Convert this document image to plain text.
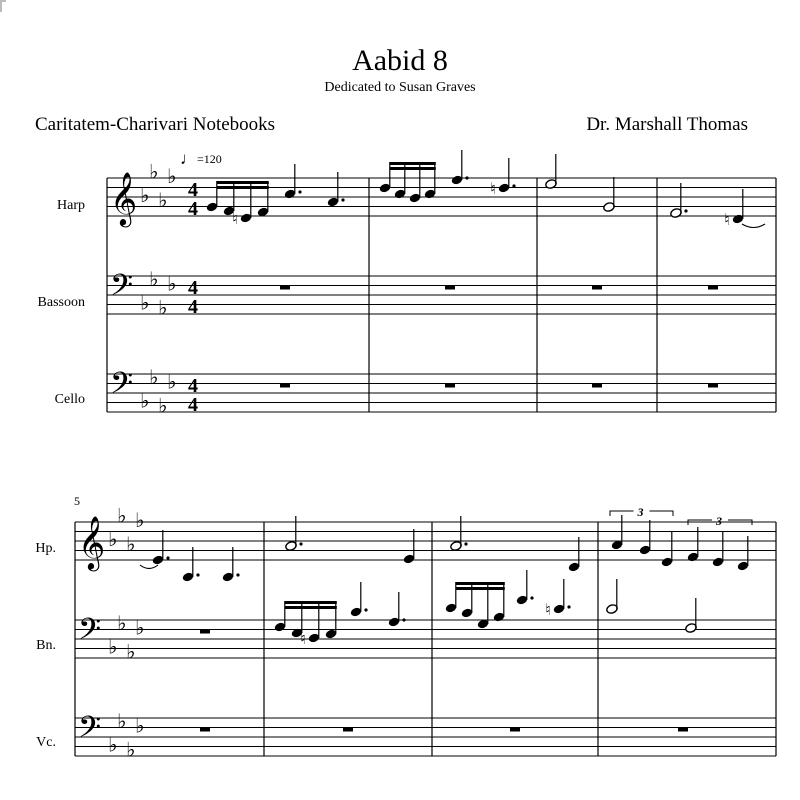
Aabid 8
Dedicated to Susan Graves
Caritatem-Charivari Notebooks	Dr. Marshall Thomas
♩=120
Harp
Bassoon
Cello
Hp.
Bn.
Vc.
5
𝄞
𝄢
𝄢
𝄞
𝄢
𝄢
♭
♭
♭
♭
♭
♭
♭
♭
♭
♭
♭
♭
♭
♭
♭
♭
♭
♭
♭
♭
♭
♭
♭
♭
4
4
4
4
4
4
♮
♮
♮
♮
♮
3
3
